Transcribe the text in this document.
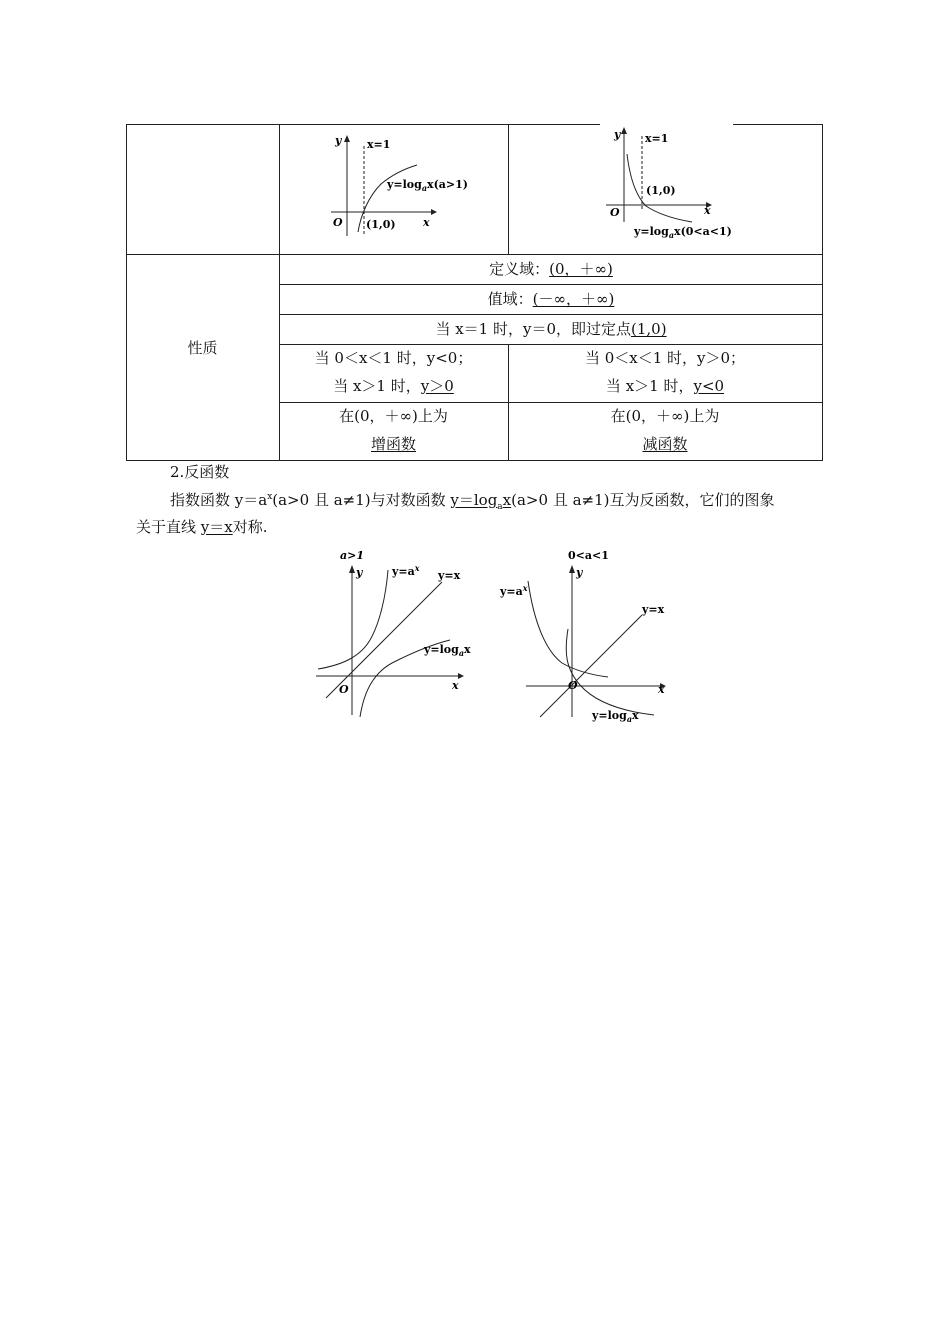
y
x
O
x=1
(1,0)
$y=\log_ax(a>1)$
y
x
O
x=1
(1,0)
$y=\log_ax(0<a<1)$
性质
定义域：(0，＋∞)
值域：(－∞，＋∞)
当 x＝1 时，y＝0，即过定点(1,0)
当 0＜x＜1 时，y<0；
当 x＞1 时，y＞0
当 0＜x＜1 时，y＞0；
当 x＞1 时，y<0
在(0，＋∞)上为
增函数
在(0，＋∞)上为
减函数
2.反函数
指数函数 $y=a^x(a>0$ 且 a≠1)与对数函数 $y=\log_ax(a>0$ 且 a≠1)互为反函数，它们的图象
关于直线 y＝x对称.
a>1
y
x
O
$y=a^x$
y=x
$y=\log_ax$
0<a<1
y
x
O
$y=a^x$
y=x
$y=\log_ax$
